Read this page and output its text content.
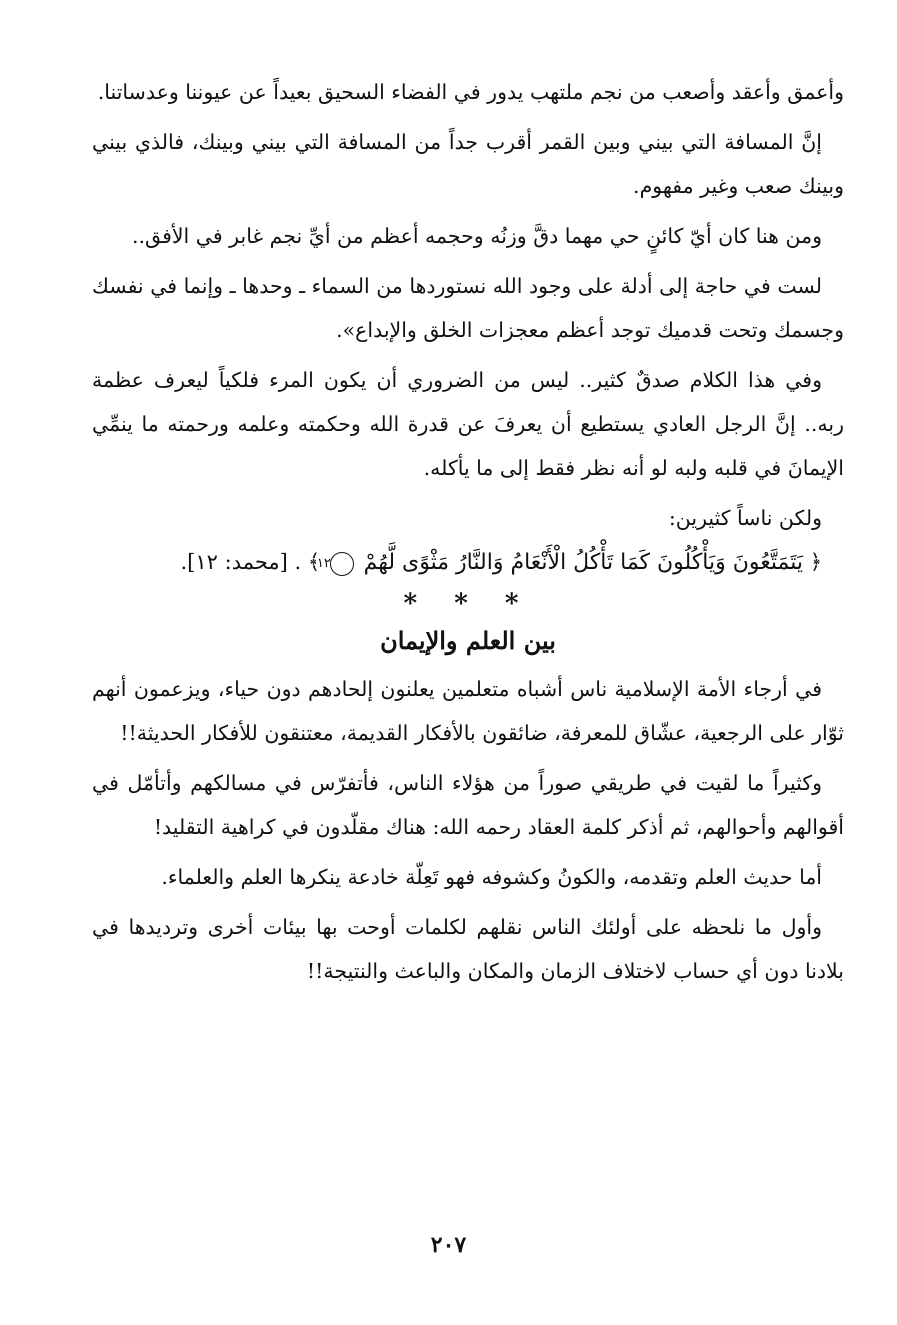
وأعمق وأعقد وأصعب من نجم ملتهب يدور في الفضاء السحيق بعيداً عن عيوننا وعدساتنا.

إنَّ المسافة التي بيني وبين القمر أقرب جداً من المسافة التي بيني وبينك، فالذي بيني وبينك صعب وغير مفهوم.

ومن هنا كان أيّ كائنٍ حي مهما دقَّ وزنُه وحجمه أعظم من أيِّ نجم غابر في الأفق..

لست في حاجة إلى أدلة على وجود الله نستوردها من السماء ـ وحدها ـ وإنما في نفسك وجسمك وتحت قدميك توجد أعظم معجزات الخلق والإبداع».

وفي هذا الكلام صدقٌ كثير.. ليس من الضروري أن يكون المرء فلكياً ليعرف عظمة ربه.. إنَّ الرجل العادي يستطيع أن يعرفَ عن قدرة الله وحكمته وعلمه ورحمته ما ينمِّي الإيمانَ في قلبه ولبه لو أنه نظر فقط إلى ما يأكله.

ولكن ناساً كثيرين:

﴿ يَتَمَتَّعُونَ وَيَأْكُلُونَ كَمَا تَأْكُلُ الْأَنْعَامُ وَالنَّارُ مَثْوًى لَّهُمْ ١٢ ﴾ . [محمد: ١٢].

* * *
بين العلم والإيمان

في أرجاء الأمة الإسلامية ناس أشباه متعلمين يعلنون إلحادهم دون حياء، ويزعمون أنهم ثوّار على الرجعية، عشّاق للمعرفة، ضائقون بالأفكار القديمة، معتنقون للأفكار الحديثة!!

وكثيراً ما لقيت في طريقي صوراً من هؤلاء الناس، فأتفرّس في مسالكهم وأتأمّل في أقوالهم وأحوالهم، ثم أذكر كلمة العقاد رحمه الله: هناك مقلّدون في كراهية التقليد!

أما حديث العلم وتقدمه، والكونُ وكشوفه فهو تَعِلّة خادعة ينكرها العلم والعلماء.

وأول ما نلحظه على أولئك الناس نقلهم لكلمات أوحت بها بيئات أخرى وترديدها في بلادنا دون أي حساب لاختلاف الزمان والمكان والباعث والنتيجة!!

٢٠٧
